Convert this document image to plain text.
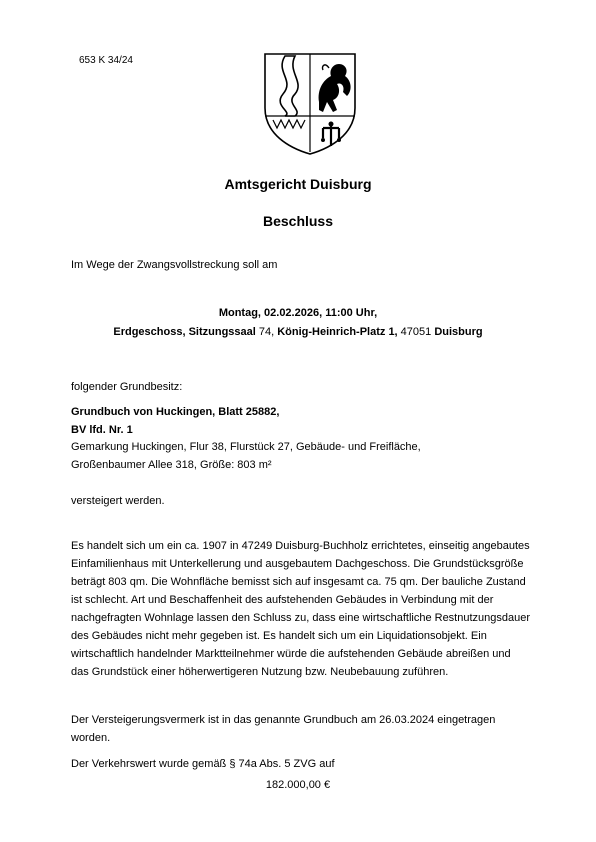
653 K 34/24
Amtsgericht Duisburg
Beschluss
Im Wege der Zwangsvollstreckung soll am
Montag, 02.02.2026, 11:00 Uhr,
Erdgeschoss, Sitzungssaal 74, König-Heinrich-Platz 1, 47051 Duisburg
folgender Grundbesitz:
Grundbuch von Huckingen, Blatt 25882,
BV lfd. Nr. 1
Gemarkung Huckingen, Flur 38, Flurstück 27, Gebäude- und Freifläche,
Großenbaumer Allee 318, Größe: 803 m²
versteigert werden.
Es handelt sich um ein ca. 1907 in 47249 Duisburg-Buchholz errichtetes, einseitig angebautes Einfamilienhaus mit Unterkellerung und ausgebautem Dachgeschoss. Die Grundstücksgröße beträgt 803 qm. Die Wohnfläche bemisst sich auf insgesamt ca. 75 qm. Der bauliche Zustand ist schlecht. Art und Beschaffenheit des aufstehenden Gebäudes in Verbindung mit der nachgefragten Wohnlage lassen den Schluss zu, dass eine wirtschaftliche Restnutzungsdauer des Gebäudes nicht mehr gegeben ist. Es handelt sich um ein Liquidationsobjekt. Ein wirtschaftlich handelnder Marktteilnehmer würde die aufstehenden Gebäude abreißen und das Grundstück einer höherwertigeren Nutzung bzw. Neubebauung zuführen.
Der Versteigerungsvermerk ist in das genannte Grundbuch am 26.03.2024 eingetragen worden.
Der Verkehrswert wurde gemäß § 74a Abs. 5 ZVG auf
182.000,00 €
